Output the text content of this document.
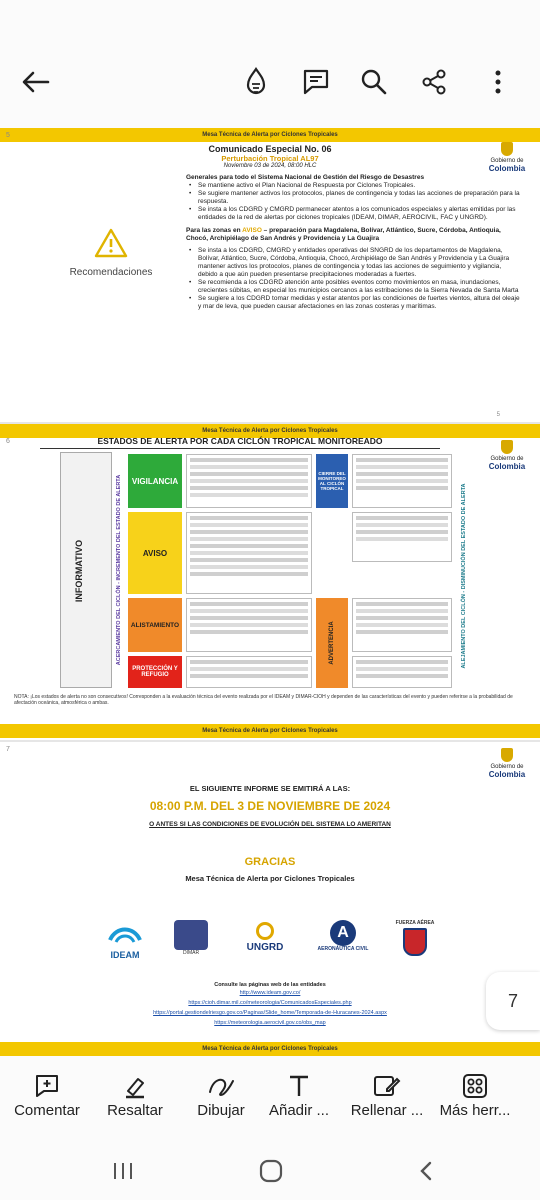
Mesa Técnica de Alerta por Ciclones Tropicales
5
Gobierno de
Colombia
Comunicado Especial No. 06
Perturbación Tropical AL97
Noviembre 03 de 2024, 08:00 HLC
Recomendaciones
Generales para todo el Sistema Nacional de Gestión del Riesgo de Desastres
• Se mantiene activo el Plan Nacional de Respuesta por Ciclones Tropicales.
• Se sugiere mantener activos los protocolos, planes de contingencia y todas las acciones de preparación para la respuesta.
• Se insta a los CDGRD y CMGRD permanecer atentos a los comunicados especiales y alertas emitidas por las entidades de la red de alertas por ciclones tropicales (IDEAM, DIMAR, AEROCIVIL, FAC y UNGRD).
Para las zonas en AVISO – preparación para Magdalena, Bolívar, Atlántico, Sucre, Córdoba, Antioquia, Chocó, Archipiélago de San Andrés y Providencia y La Guajira
• Se insta a los CDGRD, CMGRD y entidades operativas del SNGRD de los departamentos de Magdalena, Bolívar, Atlántico, Sucre, Córdoba, Antioquia, Chocó, Archipiélago de San Andrés y Providencia y La Guajira mantener activos los protocolos, planes de contingencia y todas las acciones de seguimiento y vigilancia, debido a que aún pueden presentarse precipitaciones moderadas a fuertes.
• Se recomienda a los CDGRD atención ante posibles eventos como movimientos en masa, inundaciones, crecientes súbitas, en especial los municipios cercanos a las estribaciones de la Sierra Nevada de Santa Marta
• Se sugiere a los CDGRD tomar medidas y estar atentos por las condiciones de fuertes vientos, altura del oleaje y mar de leva, que pueden causar afectaciones en las zonas costeras y marítimas.
5
Mesa Técnica de Alerta por Ciclones Tropicales
6
Gobierno de
Colombia
ESTADOS DE ALERTA POR CADA CICLÓN TROPICAL MONITOREADO
INFORMATIVO	ACERCAMIENTO DEL CICLÓN - INCREMENTO DEL ESTADO DE ALERTA	VIGILANCIA
AVISO
ALISTAMIENTO
PROTECCIÓN Y REFUGIO
CIERRE DEL MONITOREO AL CICLÓN TROPICAL
ADVERTENCIA	ALEJAMIENTO DEL CICLÓN - DISMINUCIÓN DEL ESTADO DE ALERTA
NOTA: ¡Los estados de alerta no son consecutivos! Corresponden a la evaluación técnica del evento realizada por el IDEAM y DIMAR-CIOH y dependen de las características del evento y pueden referirse a la probabilidad de afectación oceánica, atmosférica o ambas.
Mesa Técnica de Alerta por Ciclones Tropicales
7
Gobierno de
Colombia
EL SIGUIENTE INFORME SE EMITIRÁ A LAS:
08:00 P.M. DEL 3 DE NOVIEMBRE DE 2024
O ANTES SI LAS CONDICIONES DE EVOLUCIÓN DEL SISTEMA LO AMERITAN
GRACIAS
Mesa Técnica de Alerta por Ciclones Tropicales
IDEAM	DIMAR	UNGRD
A
AERONÁUTICA CIVIL
FUERZA AÉREA
Consulte las páginas web de las entidades
http://www.ideam.gov.co/
https://cioh.dimar.mil.co/meteorologia/ComunicadosEspeciales.php
https://portal.gestiondelriesgo.gov.co/Paginas/Slide_home/Temporada-de-Huracanes-2024.aspx
https://meteorologia.aerocivil.gov.co/obs_map
Mesa Técnica de Alerta por Ciclones Tropicales
7
Comentar	Resaltar	Dibujar	Añadir ...	Rellenar ...	Más herr...
